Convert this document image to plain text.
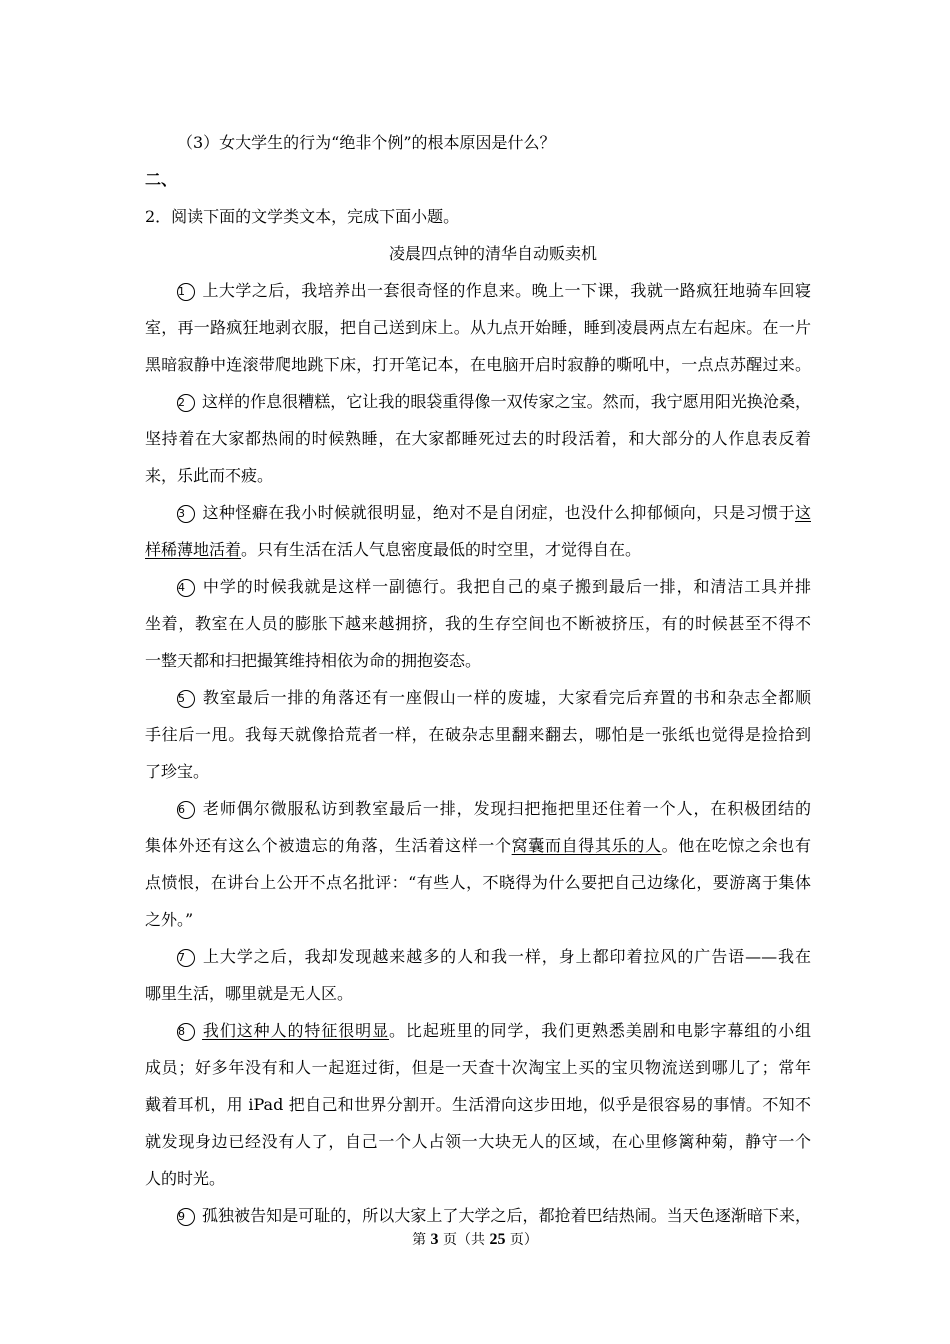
（3）女大学生的行为“绝非个例”的根本原因是什么？
二、
2．阅读下面的文学类文本，完成下面小题。
凌晨四点钟的清华自动贩卖机
1 上大学之后，我培养出一套很奇怪的作息来。晚上一下课，我就一路疯狂地骑车回寝
室，再一路疯狂地剥衣服，把自己送到床上。从九点开始睡，睡到凌晨两点左右起床。在一片
黑暗寂静中连滚带爬地跳下床，打开笔记本，在电脑开启时寂静的嘶吼中，一点点苏醒过来。
2 这样的作息很糟糕，它让我的眼袋重得像一双传家之宝。然而，我宁愿用阳光换沧桑，
坚持着在大家都热闹的时候熟睡，在大家都睡死过去的时段活着，和大部分的人作息表反着
来，乐此而不疲。
3 这种怪癖在我小时候就很明显，绝对不是自闭症，也没什么抑郁倾向，只是习惯于这
样稀薄地活着。只有生活在活人气息密度最低的时空里，才觉得自在。
4 中学的时候我就是这样一副德行。我把自己的桌子搬到最后一排，和清洁工具并排
坐着，教室在人员的膨胀下越来越拥挤，我的生存空间也不断被挤压，有的时候甚至不得不
一整天都和扫把撮箕维持相依为命的拥抱姿态。
5 教室最后一排的角落还有一座假山一样的废墟，大家看完后弃置的书和杂志全都顺
手往后一甩。我每天就像拾荒者一样，在破杂志里翻来翻去，哪怕是一张纸也觉得是捡拾到
了珍宝。
6 老师偶尔微服私访到教室最后一排，发现扫把拖把里还住着一个人，在积极团结的
集体外还有这么个被遗忘的角落，生活着这样一个窝囊而自得其乐的人。他在吃惊之余也有
点愤恨，在讲台上公开不点名批评：“有些人，不晓得为什么要把自己边缘化，要游离于集体
之外。”
7 上大学之后，我却发现越来越多的人和我一样，身上都印着拉风的广告语——我在
哪里生活，哪里就是无人区。
8 我们这种人的特征很明显。比起班里的同学，我们更熟悉美剧和电影字幕组的小组
成员；好多年没有和人一起逛过街，但是一天查十次淘宝上买的宝贝物流送到哪儿了；常年
戴着耳机，用 iPad 把自己和世界分割开。生活滑向这步田地，似乎是很容易的事情。不知不
就发现身边已经没有人了，自己一个人占领一大块无人的区域，在心里修篱种菊，静守一个
人的时光。
9 孤独被告知是可耻的，所以大家上了大学之后，都抢着巴结热闹。当天色逐渐暗下来，
第 3 页（共 25 页）
